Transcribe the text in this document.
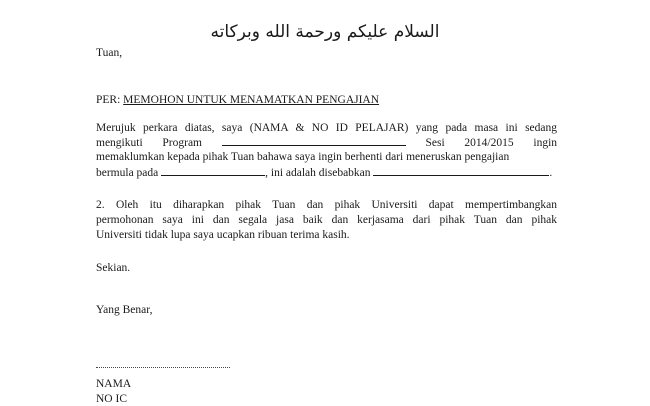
السلام عليكم ورحمة الله وبركاته
Tuan,
PER: MEMOHON UNTUK MENAMATKAN PENGAJIAN
Merujuk perkara diatas, saya (NAMA & NO ID PELAJAR) yang pada masa ini sedang
mengikuti Program	Sesi 2014/2015 ingin
memaklumkan kepada pihak Tuan bahawa saya ingin berhenti dari meneruskan pengajian
bermula pada	, ini adalah disebabkan	.
2. Oleh itu diharapkan pihak Tuan dan pihak Universiti dapat mempertimbangkan
permohonan saya ini dan segala jasa baik dan kerjasama dari pihak Tuan dan pihak
Universiti tidak lupa saya ucapkan ribuan terima kasih.
Sekian.
Yang Benar,
NAMA
NO IC
